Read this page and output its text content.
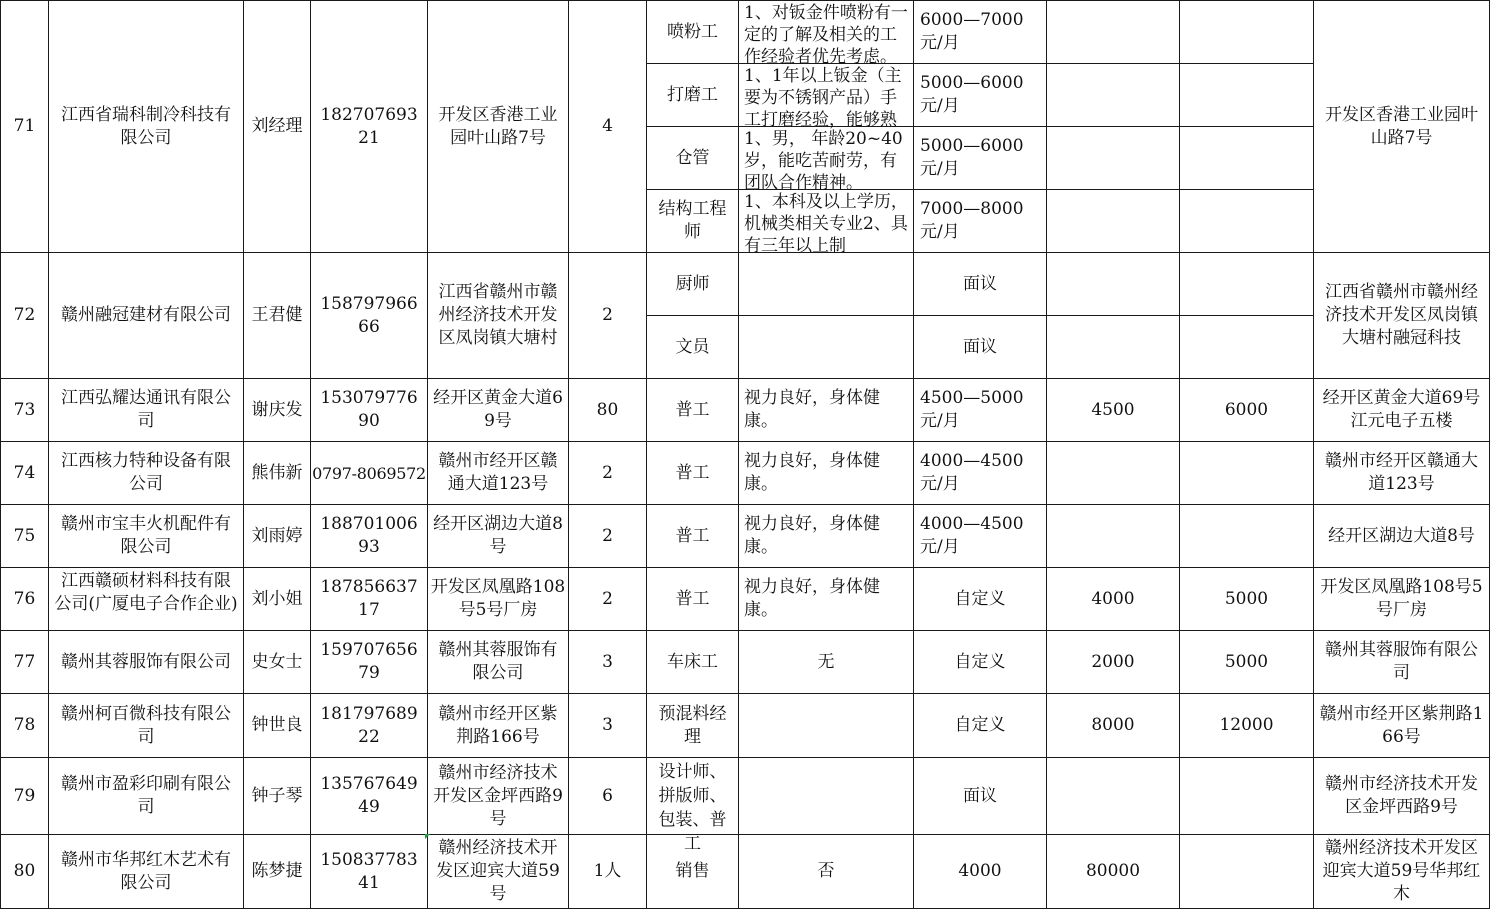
71	江西省瑞科制冷科技有限公司	刘经理	18270769321	开发区香港工业园叶山路7号	4	喷粉工	1、对钣金件喷粉有一定的了解及相关的工作经验者优先考虑。	6000—7000元/月			开发区香港工业园叶山路7号
						打磨工	1、1年以上钣金（主要为不锈钢产品）手工打磨经验，能够熟	5000—6000元/月			
						仓管	1、男， 年龄20~40岁，能吃苦耐劳，有团队合作精神。	5000—6000元/月			
						结构工程师	1、本科及以上学历，机械类相关专业2、具有三年以上制	7000—8000元/月			
72	赣州融冠建材有限公司	王君健	15879796666	江西省赣州市赣州经济技术开发区凤岗镇大塘村	2	厨师		面议			江西省赣州市赣州经济技术开发区凤岗镇大塘村融冠科技
						文员		面议			
73	江西弘耀达通讯有限公司	谢庆发	15307977690	经开区黄金大道69号	80	普工	视力良好，身体健康。	4500—5000元/月	4500	6000	经开区黄金大道69号江元电子五楼
74	江西核力特种设备有限公司	熊伟新	0797-8069572	赣州市经开区赣通大道123号	2	普工	视力良好，身体健康。	4000—4500元/月			赣州市经开区赣通大道123号
75	赣州市宝丰火机配件有限公司	刘雨婷	18870100693	经开区湖边大道8号	2	普工	视力良好，身体健康。	4000—4500元/月			经开区湖边大道8号
76	江西赣硕材料科技有限公司(广厦电子合作企业)	刘小姐	18785663717	开发区凤凰路108号5号厂房	2	普工	视力良好，身体健康。	自定义	4000	5000	开发区凤凰路108号5号厂房
77	赣州其蓉服饰有限公司	史女士	15970765679	赣州其蓉服饰有限公司	3	车床工	无	自定义	2000	5000	赣州其蓉服饰有限公司
78	赣州柯百微科技有限公司	钟世良	18179768922	赣州市经开区紫荆路166号	3	预混料经理		自定义	8000	12000	赣州市经开区紫荆路166号
79	赣州市盈彩印刷有限公司	钟子琴	13576764949	赣州市经济技术开发区金坪西路9号	6	设计师、拼版师、包装、普工		面议			赣州市经济技术开发区金坪西路9号
80	赣州市华邦红木艺术有限公司	陈梦捷	15083778341	赣州经济技术开发区迎宾大道59号	1人	销售	否	4000	80000		赣州经济技术开发区迎宾大道59号华邦红木
